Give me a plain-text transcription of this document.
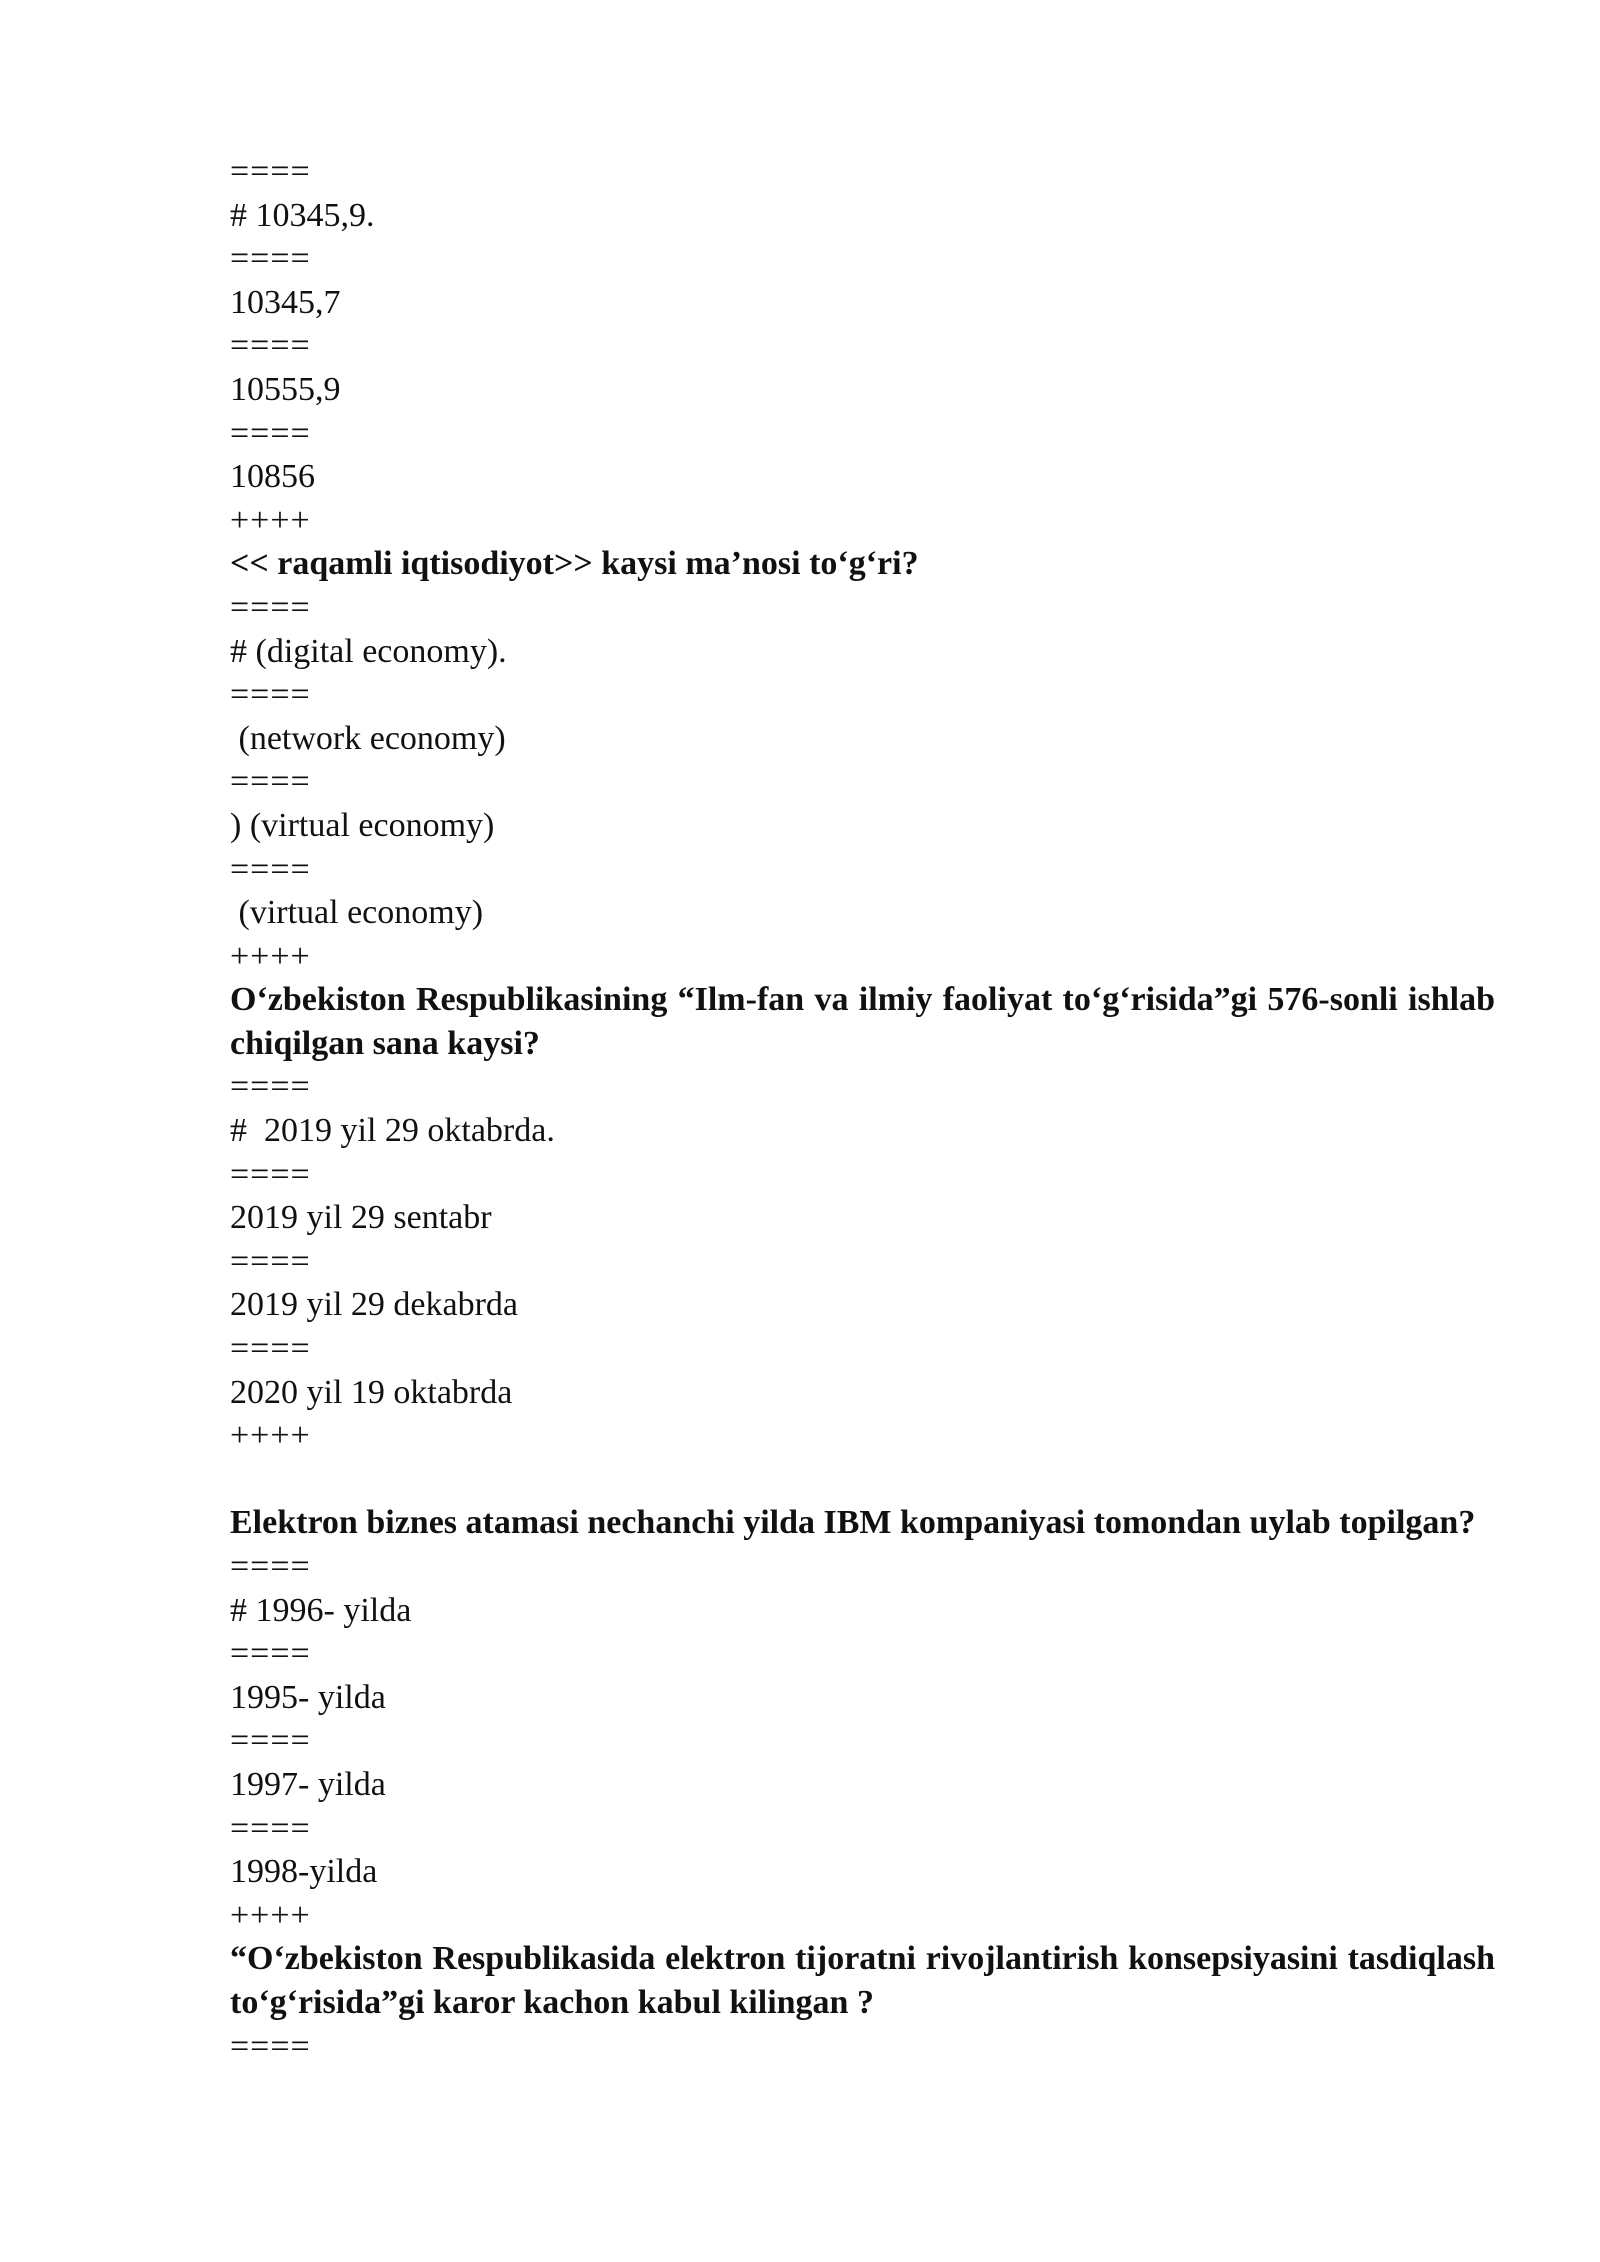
====
# 10345,9.
====
10345,7
====
10555,9
====
10856
++++
<< raqamli iqtisodiyot>> kaysi ma’nosi to‘g‘ri?
====
# (digital economy).
====
(network economy)
====
) (virtual economy)
====
(virtual economy)
++++
O‘zbekiston Respublikasining “Ilm-fan va ilmiy faoliyat to‘g‘risida”gi 576-sonli ishlab chiqilgan sana kaysi?
====
#  2019 yil 29 oktabrda.
====
2019 yil 29 sentabr
====
2019 yil 29 dekabrda
====
2020 yil 19 oktabrda
++++
Elektron biznes atamasi nechanchi yilda IBM kompaniyasi tomondan uylab topilgan?
====
# 1996- yilda
====
1995- yilda
====
1997- yilda
====
1998-yilda
++++
“O‘zbekiston Respublikasida elektron tijoratni rivojlantirish konsepsiyasini tasdiqlash to‘g‘risida”gi karor kachon kabul kilingan ?
====
